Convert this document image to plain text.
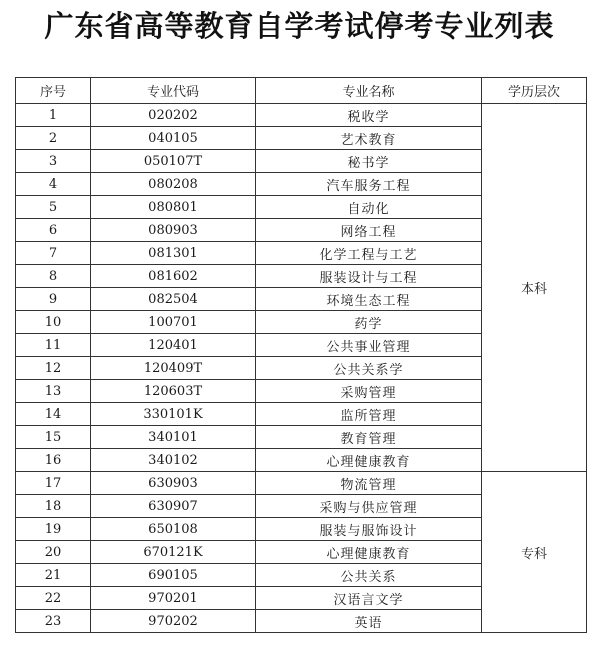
广东省高等教育自学考试停考专业列表
序号	专业代码	专业名称	学历层次
1	020202	税收学	本科
2	040105	艺术教育	
3	050107T	秘书学	
4	080208	汽车服务工程	
5	080801	自动化	
6	080903	网络工程	
7	081301	化学工程与工艺	
8	081602	服装设计与工程	
9	082504	环境生态工程	
10	100701	药学	
11	120401	公共事业管理	
12	120409T	公共关系学	
13	120603T	采购管理	
14	330101K	监所管理	
15	340101	教育管理	
16	340102	心理健康教育	
17	630903	物流管理	专科
18	630907	采购与供应管理	
19	650108	服装与服饰设计	
20	670121K	心理健康教育	
21	690105	公共关系	
22	970201	汉语言文学	
23	970202	英语	
